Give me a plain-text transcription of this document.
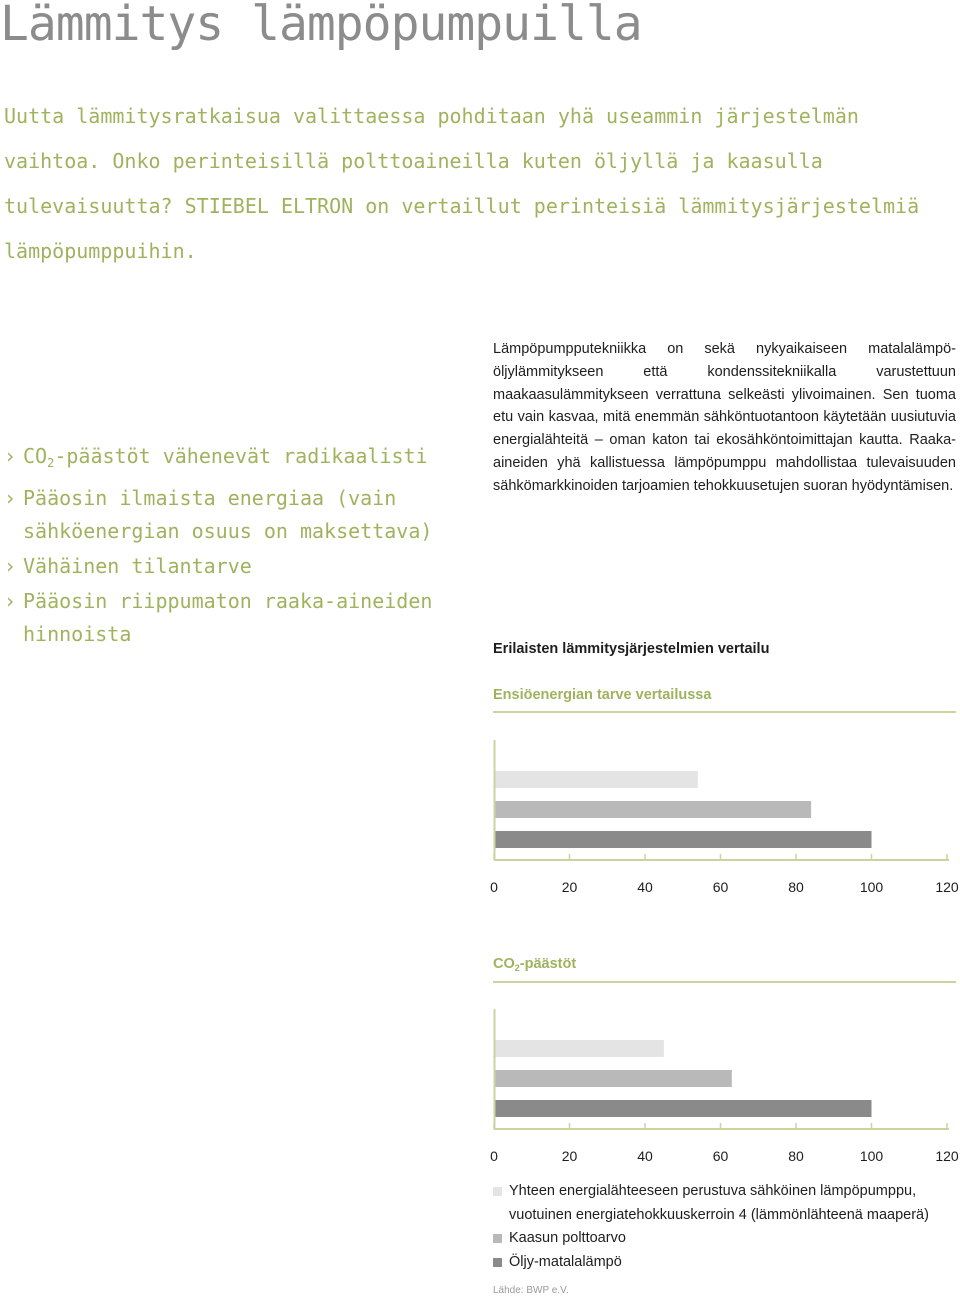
Lämmitys lämpöpumpuilla
Uutta lämmitysratkaisua valittaessa pohditaan yhä useammin järjestelmän
vaihtoa. Onko perinteisillä polttoaineilla kuten öljyllä ja kaasulla
tulevaisuutta? STIEBEL ELTRON on vertaillut perinteisiä lämmitysjärjestelmiä
lämpöpumppuihin.
› $CO_2$-päästöt vähenevät radikaalisti
› Pääosin ilmaista energiaa (vain sähköenergian osuus on maksettava)
› Vähäinen tilantarve
› Pääosin riippumaton raaka-aineiden hinnoista
Lämpöpumpputekniikka on sekä nykyaikaiseen matalalämpö-öljylämmitykseen että kondenssitekniikalla varustettuun maakaasulämmitykseen verrattuna selkeästi ylivoimainen. Sen tuoma etu vain kasvaa, mitä enemmän sähköntuotantoon käytetään uusiutuvia energialähteitä – oman katon tai ekosähköntoimittajan kautta. Raaka-aineiden yhä kallistuessa lämpöpumppu mahdollistaa tulevaisuuden sähkömarkkinoiden tarjoamien tehokkuusetujen suoran hyödyntämisen.
Erilaisten lämmitysjärjestelmien vertailu
Ensiöenergian tarve vertailussa
0	20	40	60	80	100	120
$CO_2$-päästöt
0	20	40	60	80	100	120
Yhteen energialähteeseen perustuva sähköinen lämpöpumppu, vuotuinen energiatehokkuuskerroin 4 (lämmönlähteenä maaperä)
Kaasun polttoarvo
Öljy-matalalämpö
Lähde: BWP e.V.
